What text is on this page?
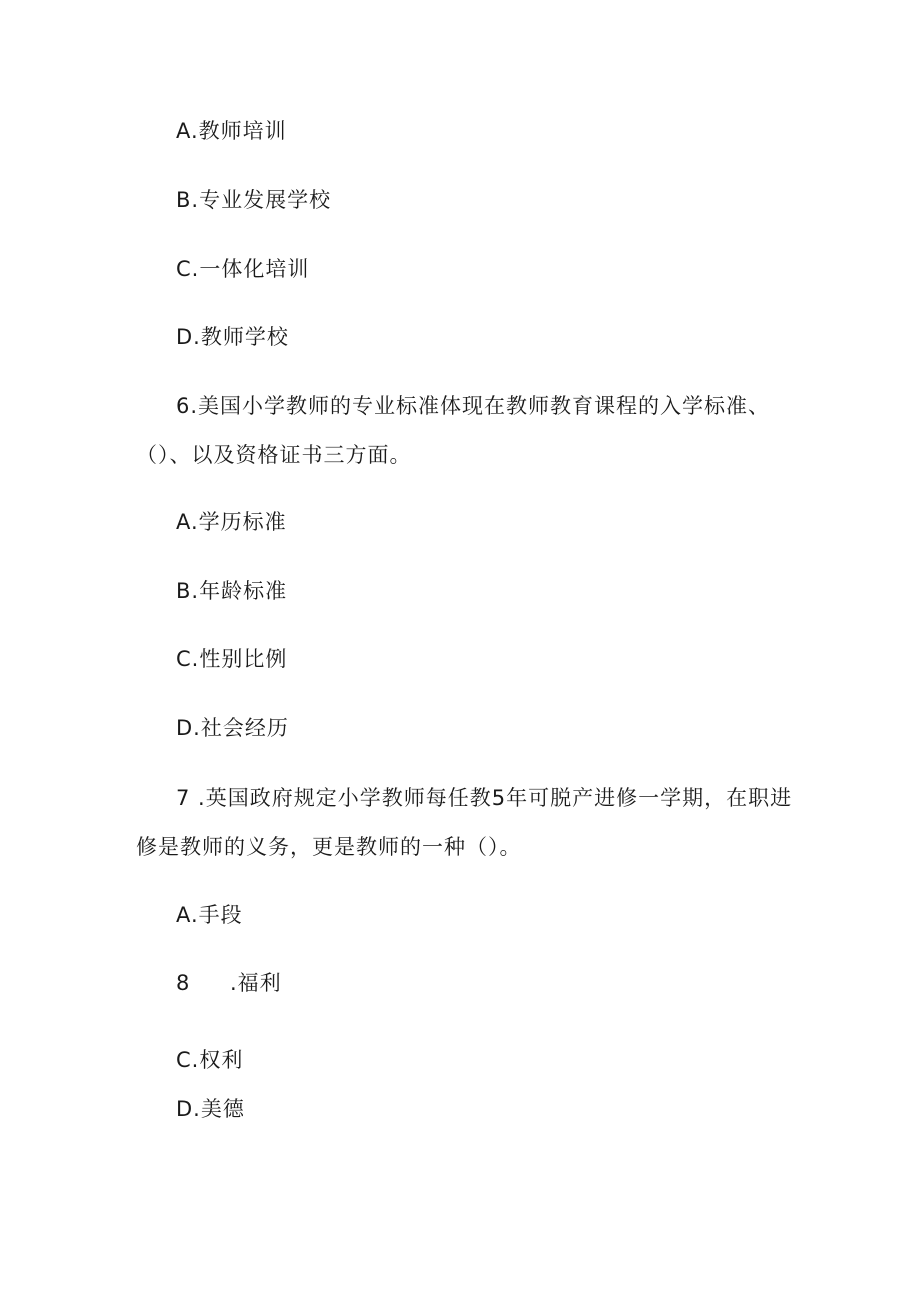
A.教师培训
B.专业发展学校
C.一体化培训
D.教师学校
6.美国小学教师的专业标准体现在教师教育课程的入学标准、
（）、以及资格证书三方面。
A.学历标准
B.年龄标准
C.性别比例
D.社会经历
7 .英国政府规定小学教师每任教5年可脱产进修一学期，在职进
修是教师的义务，更是教师的一种（）。
A.手段
8 .福利
C.权利
D.美德
